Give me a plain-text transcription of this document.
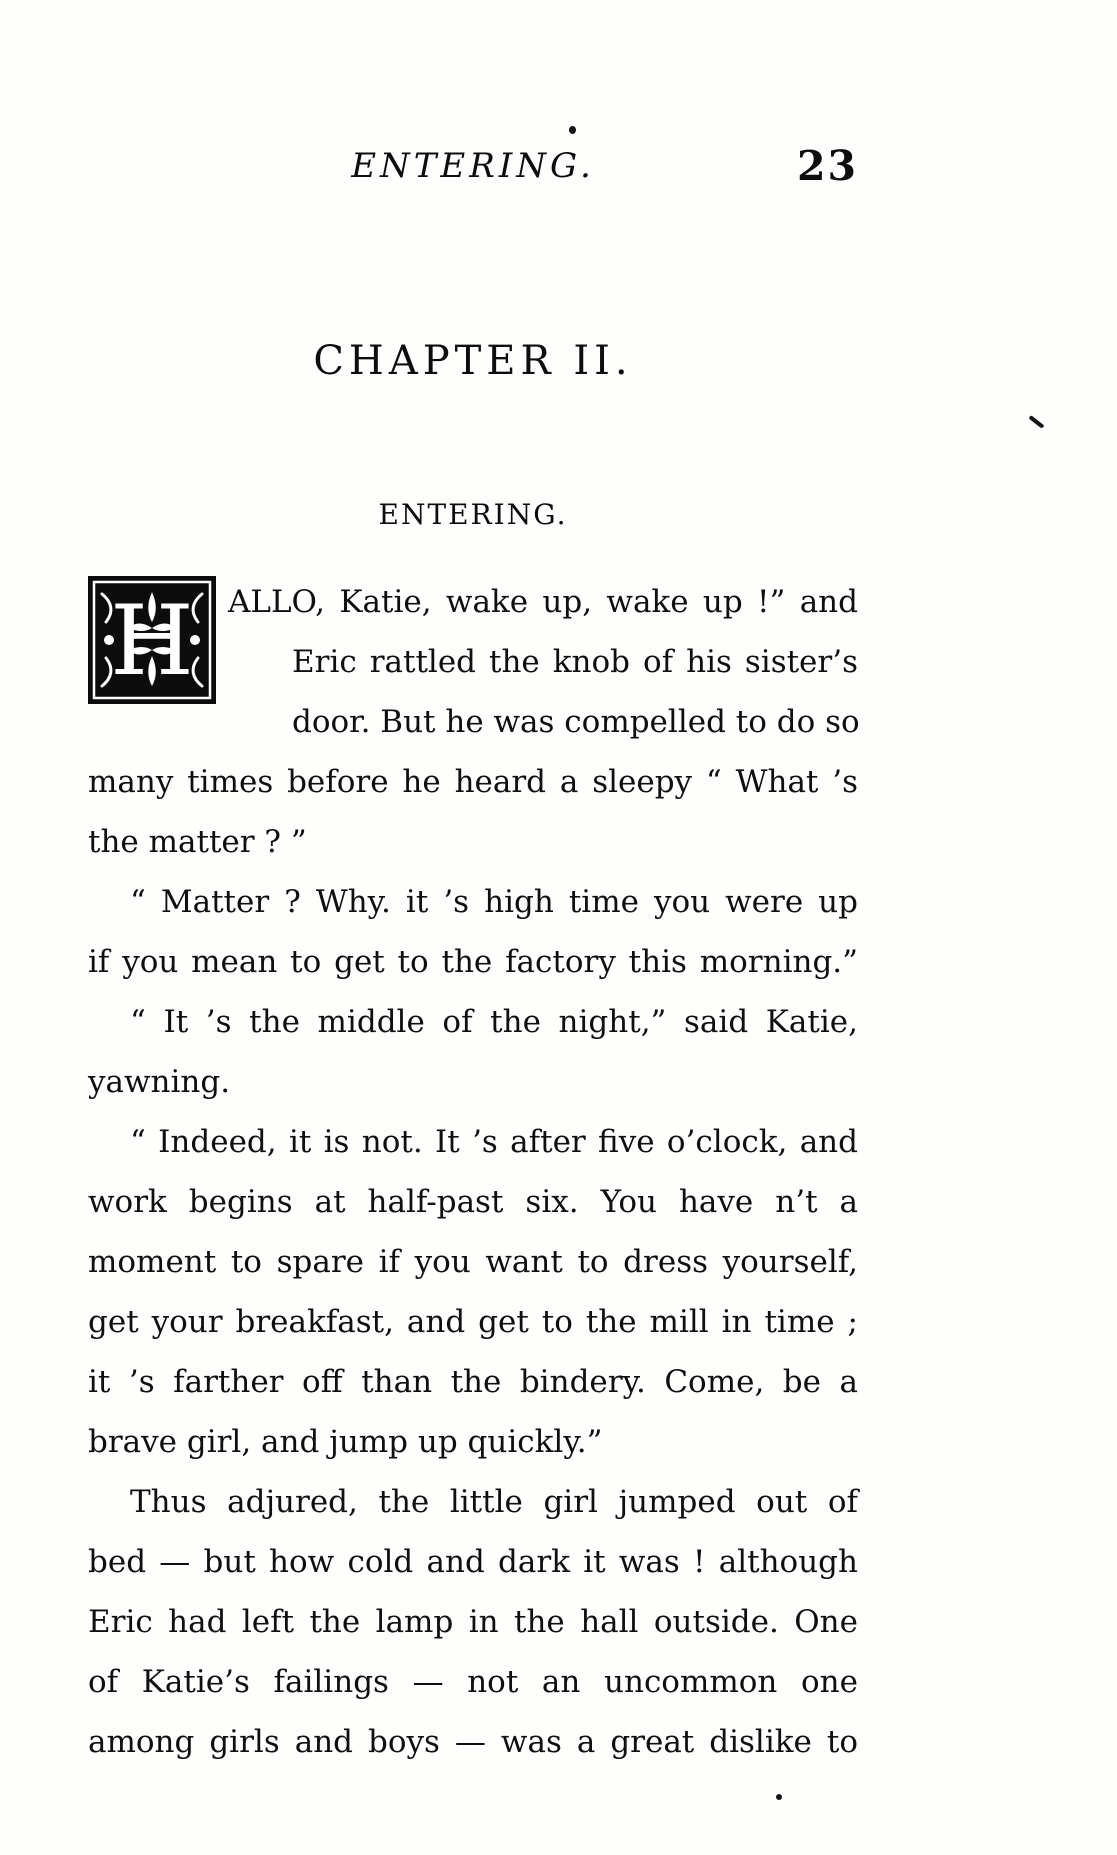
ENTERING.	23
CHAPTER II.
ENTERING.
H	ALLO, Katie, wake up, wake up !” and
Eric rattled the knob of his sister’s
door. But he was compelled to do so
many times before he heard a sleepy “ What ’s
the matter ? ”
“ Matter ? Why. it ’s high time you were up
if you mean to get to the factory this morning.”
“ It ’s the middle of the night,” said Katie,
yawning.
“ Indeed, it is not. It ’s after five o’clock, and
work begins at half-past six. You have n’t a
moment to spare if you want to dress yourself,
get your breakfast, and get to the mill in time ;
it ’s farther off than the bindery. Come, be a
brave girl, and jump up quickly.”
Thus adjured, the little girl jumped out of
bed — but how cold and dark it was ! although
Eric had left the lamp in the hall outside. One
of Katie’s failings — not an uncommon one
among girls and boys — was a great dislike to
